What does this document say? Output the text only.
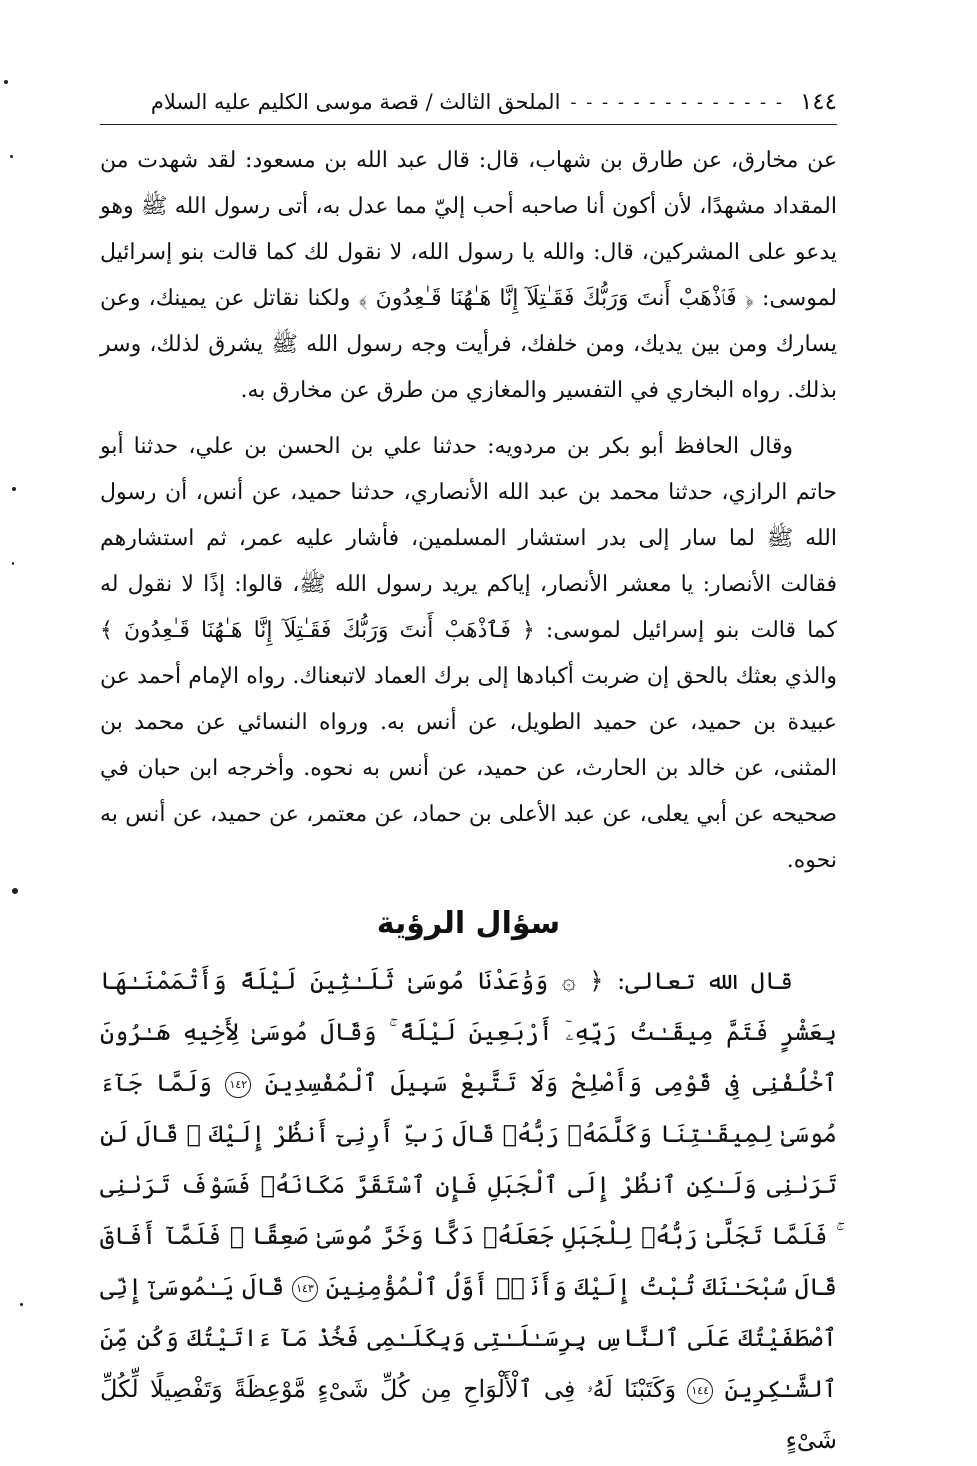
١٤٤
- - - - - - - - - - - - - -
الملحق الثالث / قصة موسى الكليم عليه السلام

عن مخارق، عن طارق بن شهاب، قال: قال عبد الله بن مسعود: لقد شهدت من المقداد مشهدًا، لأن أكون أنا صاحبه أحب إليّ مما عدل به، أتى رسول الله ﷺ وهو يدعو على المشركين، قال: والله يا رسول الله، لا نقول لك كما قالت بنو إسرائيل لموسى: ﴿ فَٱذْهَبْ أَنتَ وَرَبُّكَ فَقَـٰتِلَآ إِنَّا هَـٰهُنَا قَـٰعِدُونَ ﴾ ولكنا نقاتل عن يمينك، وعن يسارك ومن بين يديك، ومن خلفك، فرأيت وجه رسول الله ﷺ يشرق لذلك، وسر بذلك. رواه البخاري في التفسير والمغازي من طرق عن مخارق به.

وقال الحافظ أبو بكر بن مردويه: حدثنا علي بن الحسن بن علي، حدثنا أبو حاتم الرازي، حدثنا محمد بن عبد الله الأنصاري، حدثنا حميد، عن أنس، أن رسول الله ﷺ لما سار إلى بدر استشار المسلمين، فأشار عليه عمر، ثم استشارهم فقالت الأنصار: يا معشر الأنصار، إياكم يريد رسول الله ﷺ، قالوا: إذًا لا نقول له كما قالت بنو إسرائيل لموسى: ﴿ فَٱذْهَبْ أَنتَ وَرَبُّكَ فَقَـٰتِلَآ إِنَّا هَـٰهُنَا قَـٰعِدُونَ ﴾ والذي بعثك بالحق إن ضربت أكبادها إلى برك العماد لاتبعناك. رواه الإمام أحمد عن عبيدة بن حميد، عن حميد الطويل، عن أنس به. ورواه النسائي عن محمد بن المثنى، عن خالد بن الحارث، عن حميد، عن أنس به نحوه. وأخرجه ابن حبان في صحيحه عن أبي يعلى، عن عبد الأعلى بن حماد، عن معتمر، عن حميد، عن أنس به نحوه.

سؤال الرؤية

قال الله تعالى: ﴿ ۞ وَوَٰعَدْنَا مُوسَىٰ ثَلَـٰثِينَ لَيْلَةً وَأَتْمَمْنَـٰهَا بِعَشْرٍ فَتَمَّ مِيقَـٰتُ رَبِّهِۦٓ أَرْبَعِينَ لَيْلَةً ۚ وَقَالَ مُوسَىٰ لِأَخِيهِ هَـٰرُونَ ٱخْلُفْنِى فِى قَوْمِى وَأَصْلِحْ وَلَا تَتَّبِعْ سَبِيلَ ٱلْمُفْسِدِينَ ١٤٢ وَلَمَّا جَآءَ مُوسَىٰ لِمِيقَـٰتِنَا وَكَلَّمَهُۥ رَبُّهُۥ قَالَ رَبِّ أَرِنِىٓ أَنظُرْ إِلَيْكَ ۚ قَالَ لَن تَرَىٰنِى وَلَـٰكِنِ ٱنظُرْ إِلَى ٱلْجَبَلِ فَإِنِ ٱسْتَقَرَّ مَكَانَهُۥ فَسَوْفَ تَرَىٰنِى ۚ فَلَمَّا تَجَلَّىٰ رَبُّهُۥ لِلْجَبَلِ جَعَلَهُۥ دَكًّا وَخَرَّ مُوسَىٰ صَعِقًا ۚ فَلَمَّآ أَفَاقَ قَالَ سُبْحَـٰنَكَ تُبْتُ إِلَيْكَ وَأَنَا۠ أَوَّلُ ٱلْمُؤْمِنِينَ ١٤٣ قَالَ يَـٰمُوسَىٰٓ إِنِّى ٱصْطَفَيْتُكَ عَلَى ٱلنَّاسِ بِرِسَـٰلَـٰتِى وَبِكَلَـٰمِى فَخُذْ مَآ ءَاتَيْتُكَ وَكُن مِّنَ ٱلشَّـٰكِرِينَ ١٤٤ وَكَتَبْنَا لَهُۥ فِى ٱلْأَلْوَاحِ مِن كُلِّ شَىْءٍ مَّوْعِظَةً وَتَفْصِيلًا لِّكُلِّ شَىْءٍ
